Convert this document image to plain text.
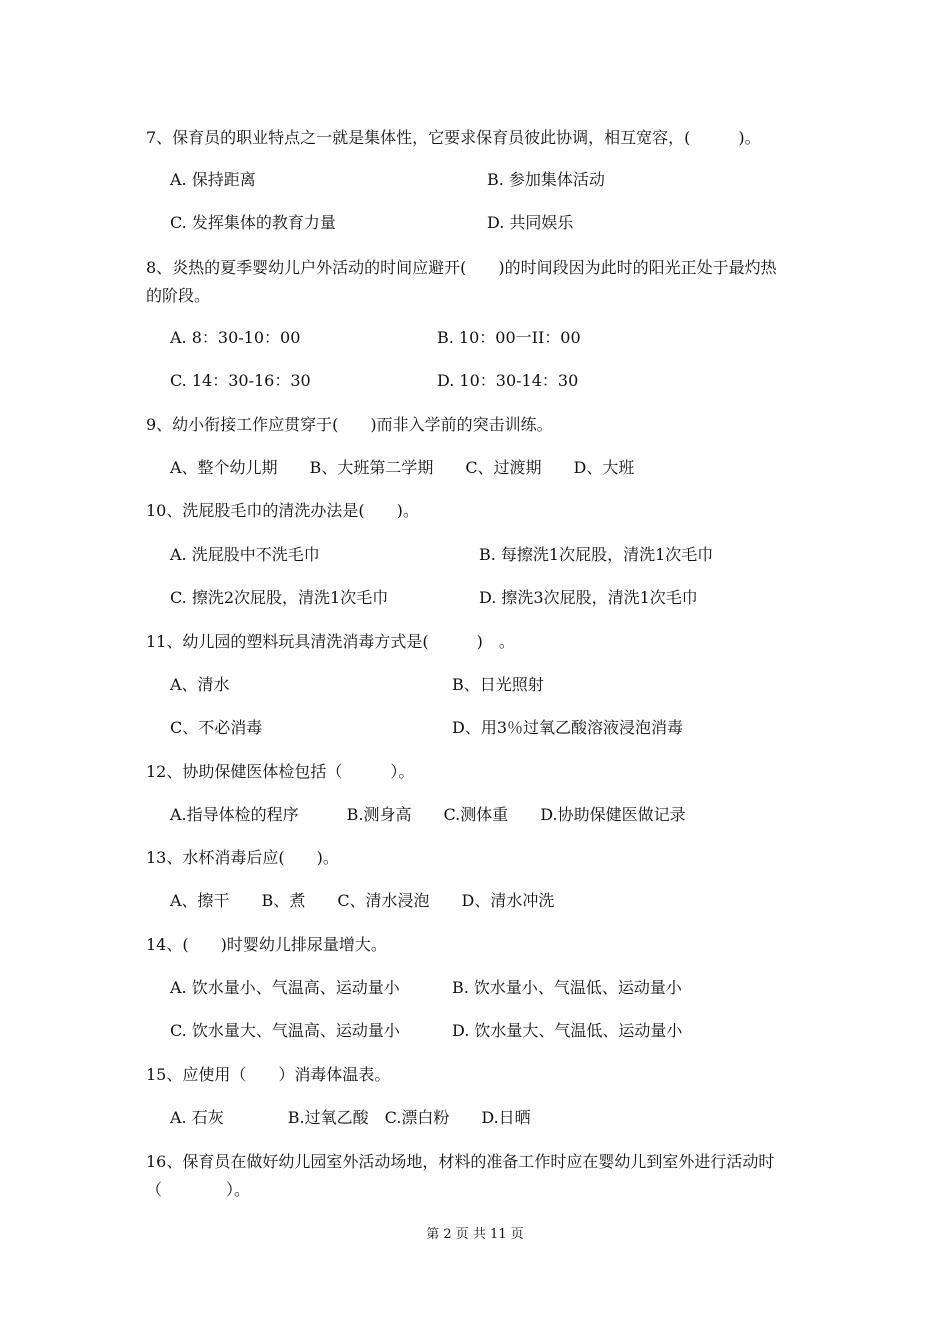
7、保育员的职业特点之一就是集体性，它要求保育员彼此协调，相互宽容，(　　　)。
A. 保持距离	B. 参加集体活动
C. 发挥集体的教育力量	D. 共同娱乐
8、炎热的夏季婴幼儿户外活动的时间应避开(　　)的时间段因为此时的阳光正处于最灼热
的阶段。
A. 8：30-10：00	B. 10：00一II：00
C. 14：30-16：30	D. 10：30-14：30
9、幼小衔接工作应贯穿于(　　)而非入学前的突击训练。
A、整个幼儿期　　B、大班第二学期　　C、过渡期　　D、大班
10、洗屁股毛巾的清洗办法是(　　)。
A. 洗屁股中不洗毛巾	B. 每擦洗1次屁股，清洗1次毛巾
C. 擦洗2次屁股，清洗1次毛巾	D. 擦洗3次屁股，清洗1次毛巾
11、幼儿园的塑料玩具清洗消毒方式是(　　　)　。
A、清水	B、日光照射
C、不必消毒	D、用3％过氧乙酸溶液浸泡消毒
12、协助保健医体检包括（　　　）。
A.指导体检的程序　　　B.测身高　　C.测体重　　D.协助保健医做记录
13、水杯消毒后应(　　)。
A、擦干　　B、煮　　C、清水浸泡　　D、清水冲洗
14、(　　)时婴幼儿排尿量增大。
A. 饮水量小、气温高、运动量小	B. 饮水量小、气温低、运动量小
C. 饮水量大、气温高、运动量小	D. 饮水量大、气温低、运动量小
15、应使用（　　）消毒体温表。
A. 石灰　　　　B.过氧乙酸　C.漂白粉　　D.日晒
16、保育员在做好幼儿园室外活动场地，材料的准备工作时应在婴幼儿到室外进行活动时
（　　　　）。
第 2 页 共 11 页
